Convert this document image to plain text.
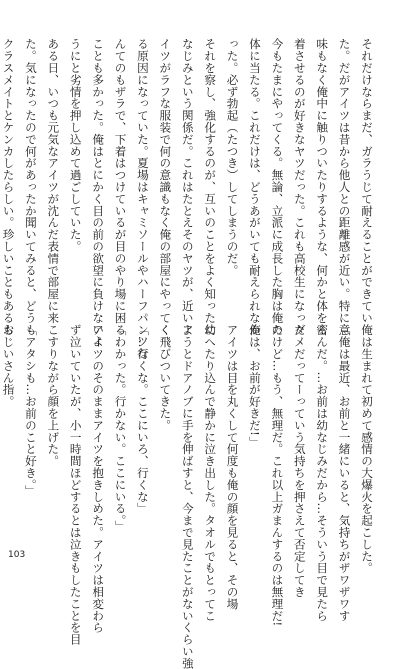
それだけならまだ、ガラうじて耐えることができてい
た。だがアイツは昔から他人との距離感が近い。特に意
味もなく俺中に触りついたりするような、何かと体を密
着させるのが好きなヤツだった。これも高校生になった
今もたまにやってくる。無論、立派に成長した胸は俺の
体に当たる。これだけは、どうあがいても耐えられなか
った。必ず勃起（たつき）してしまうのだ。
それを察し、強化するのが、互いのことをよく知った幼
なじみという関係だ。これはたとえそのヤツが、近いア
イツがラフな服装で何の意識もなく俺の部屋にやってく
る原因になっていた。夏場はキャミソールやハーフパンツな
んてのもザラで、下着はつけているが目のやり場に困る
ことも多かった。俺はとにかく目の前の欲望に負けないよ
うにと劣情を押し込めて過ごしていた。
ある日、いつも元気なアイツが沈んだ表情で部屋に来
た。気になったので何があったか聞いてみると、どうも
クラスメイトとケンカしたらしい。珍しいこともあるも
俺は生まれて初めて感情の大爆火を起こした。
「俺は最近、お前と一緒にいると、気持ちがザワザワす
るんだ。…お前は幼なじみだから…そういう目で見たら
ダメだってーっていう気持ちを押さえて否定してき
たけど…もう、無理だ。これ以上ガまんするのは無理だ!
俺は、お前が好きだ!」
アイツは目を丸くして何度も俺の顔を見ると、その場
にへたり込んで静かに泣き出した。タオルでもとってこ
ようとドアノブに手を伸ばすと、今まで見たことがないくらい強
く飛びついてきた。
「…行くな。ここにいろ、行くな」
「わかった。行かない。ここにいる。」
アイツのそのままアイツを抱きしめた。アイツは相変わら
ず泣いていたが、小一時間ほどするとは泣きもしたことを目
こすりながら顔を上げた。
「アタシも…お前のこと好き。」
おじいさん指。

103
